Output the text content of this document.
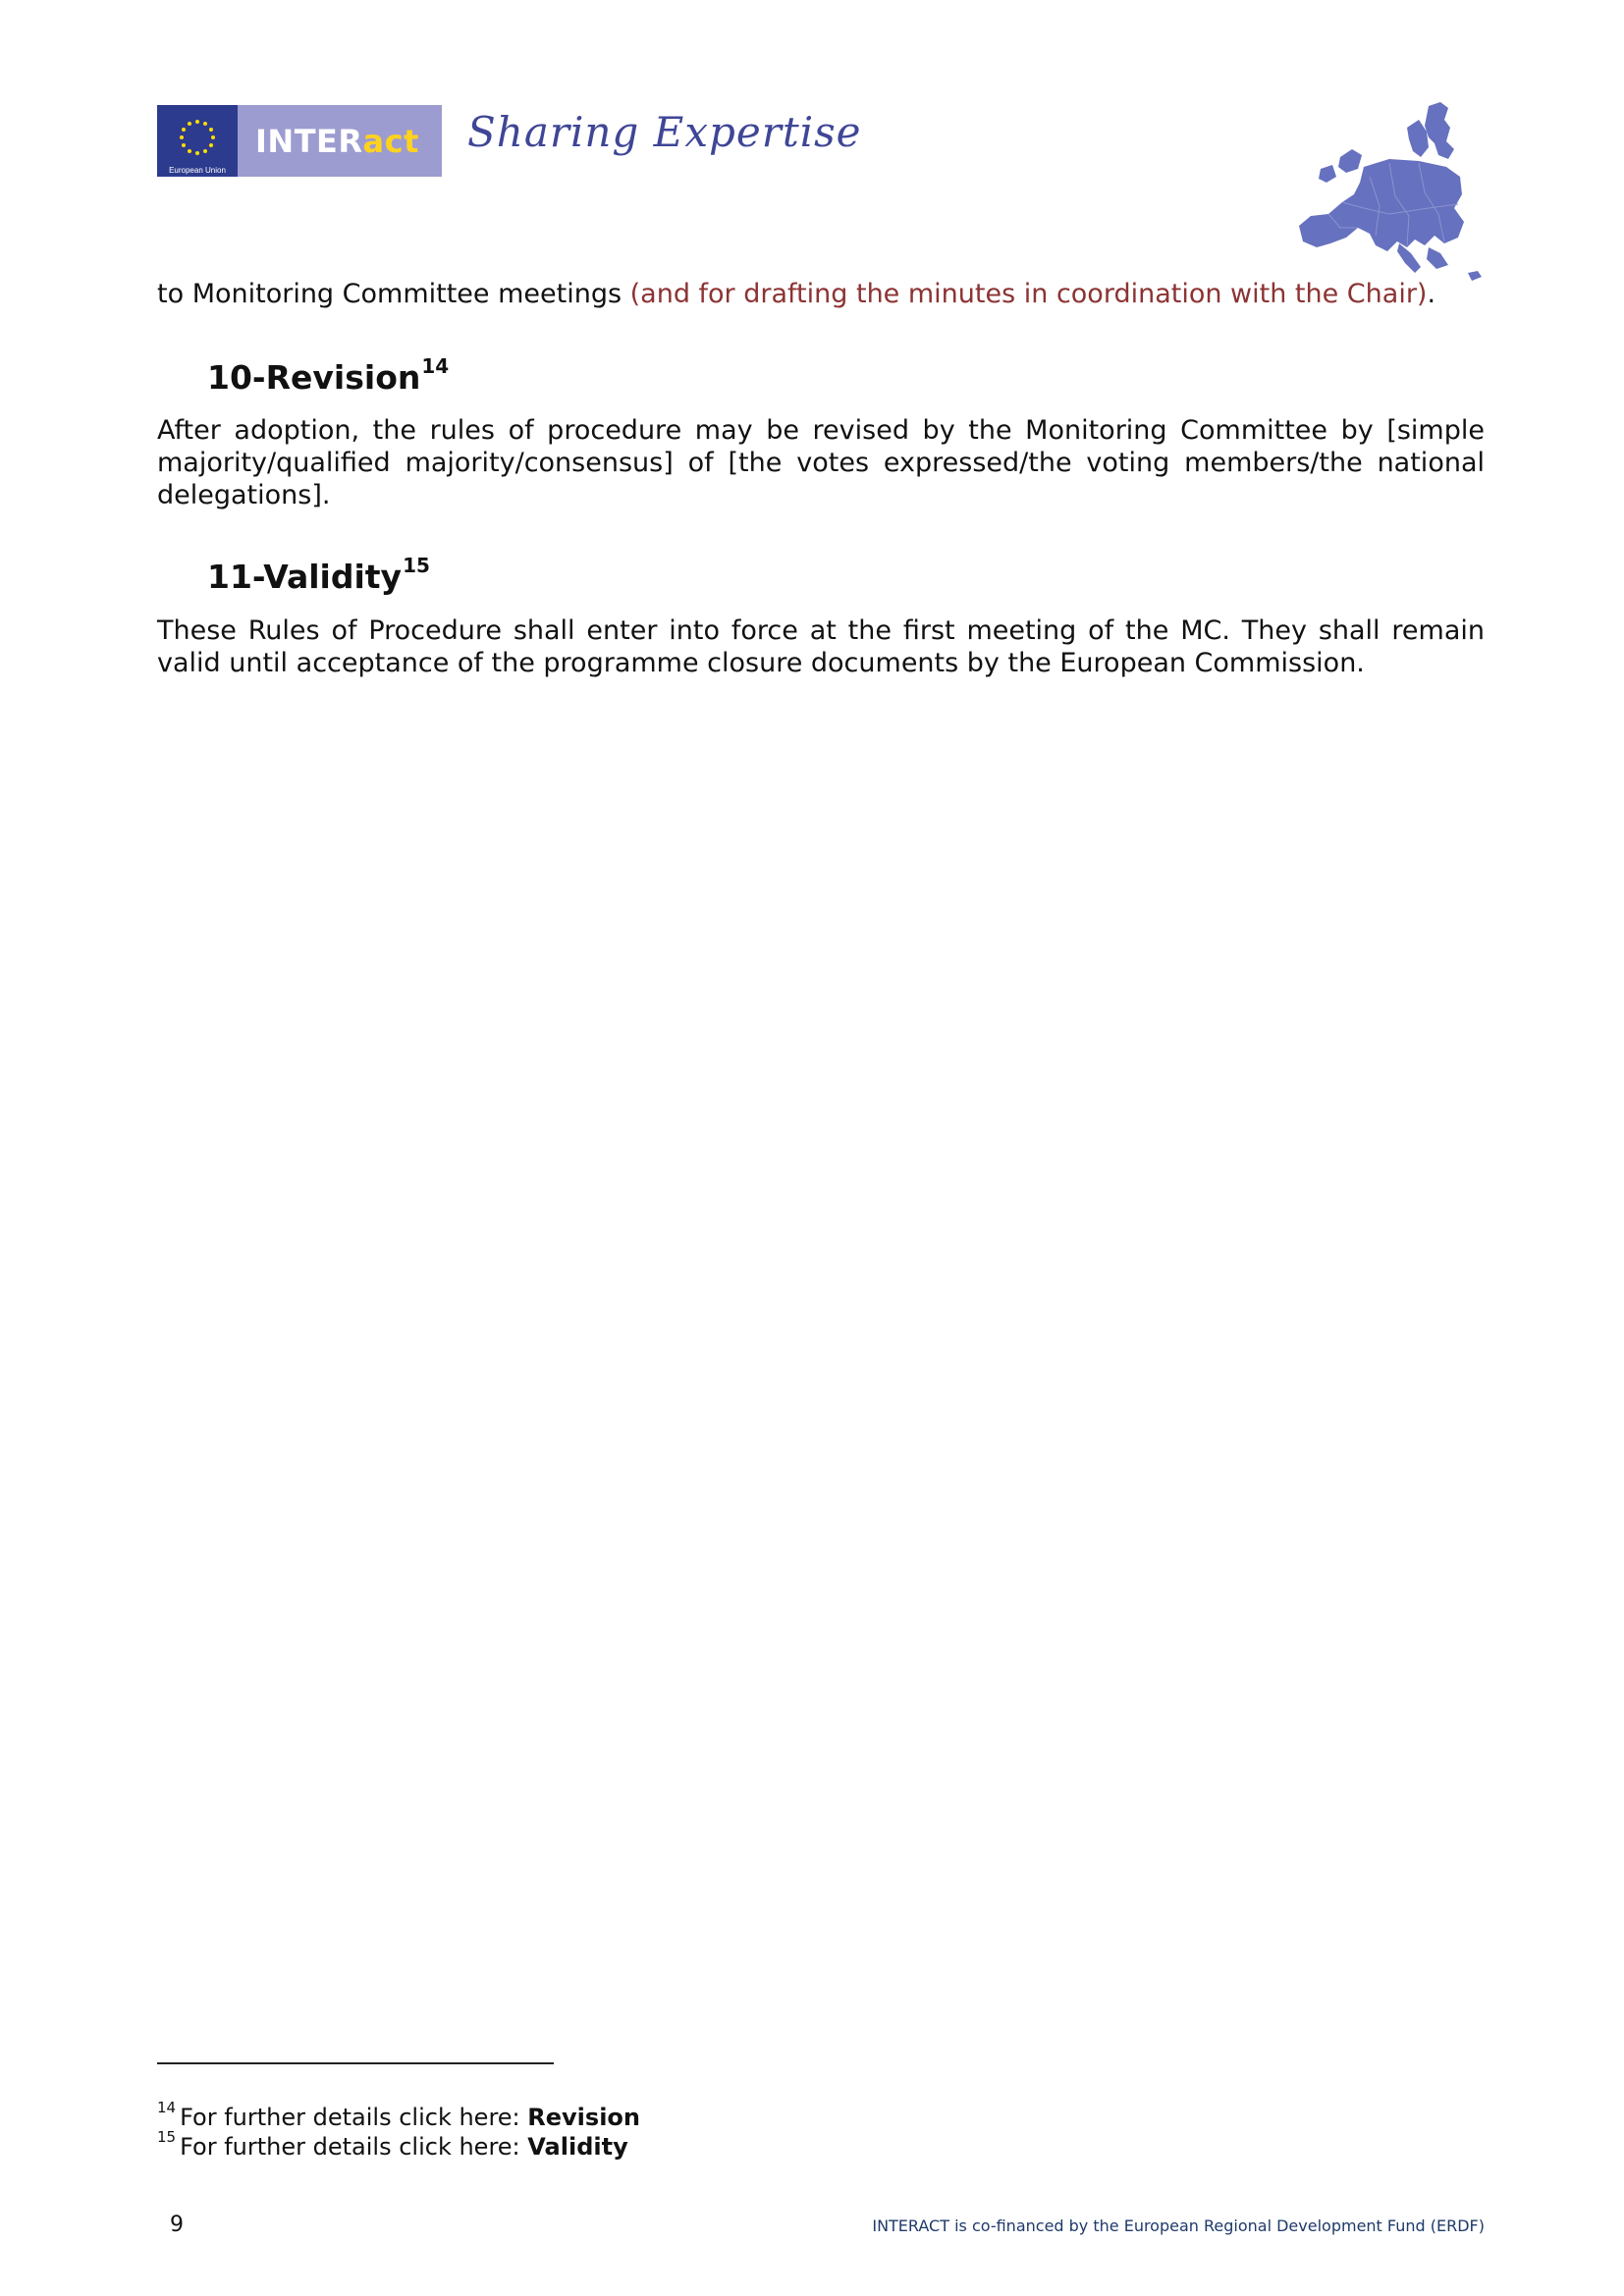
European Union
INTER act Sharing Expertise
to Monitoring Committee meetings (and for drafting the minutes in coordination with the Chair).
10-Revision$^{14}$
After adoption, the rules of procedure may be revised by the Monitoring Committee by [simple majority/qualified majority/consensus] of [the votes expressed/the voting members/the national delegations].
11-Validity$^{15}$
These Rules of Procedure shall enter into force at the first meeting of the MC. They shall remain valid until acceptance of the programme closure documents by the European Commission.
$^{14}$ For further details click here: Revision
$^{15}$ For further details click here: Validity
9	INTERACT is co-financed by the European Regional Development Fund (ERDF)
